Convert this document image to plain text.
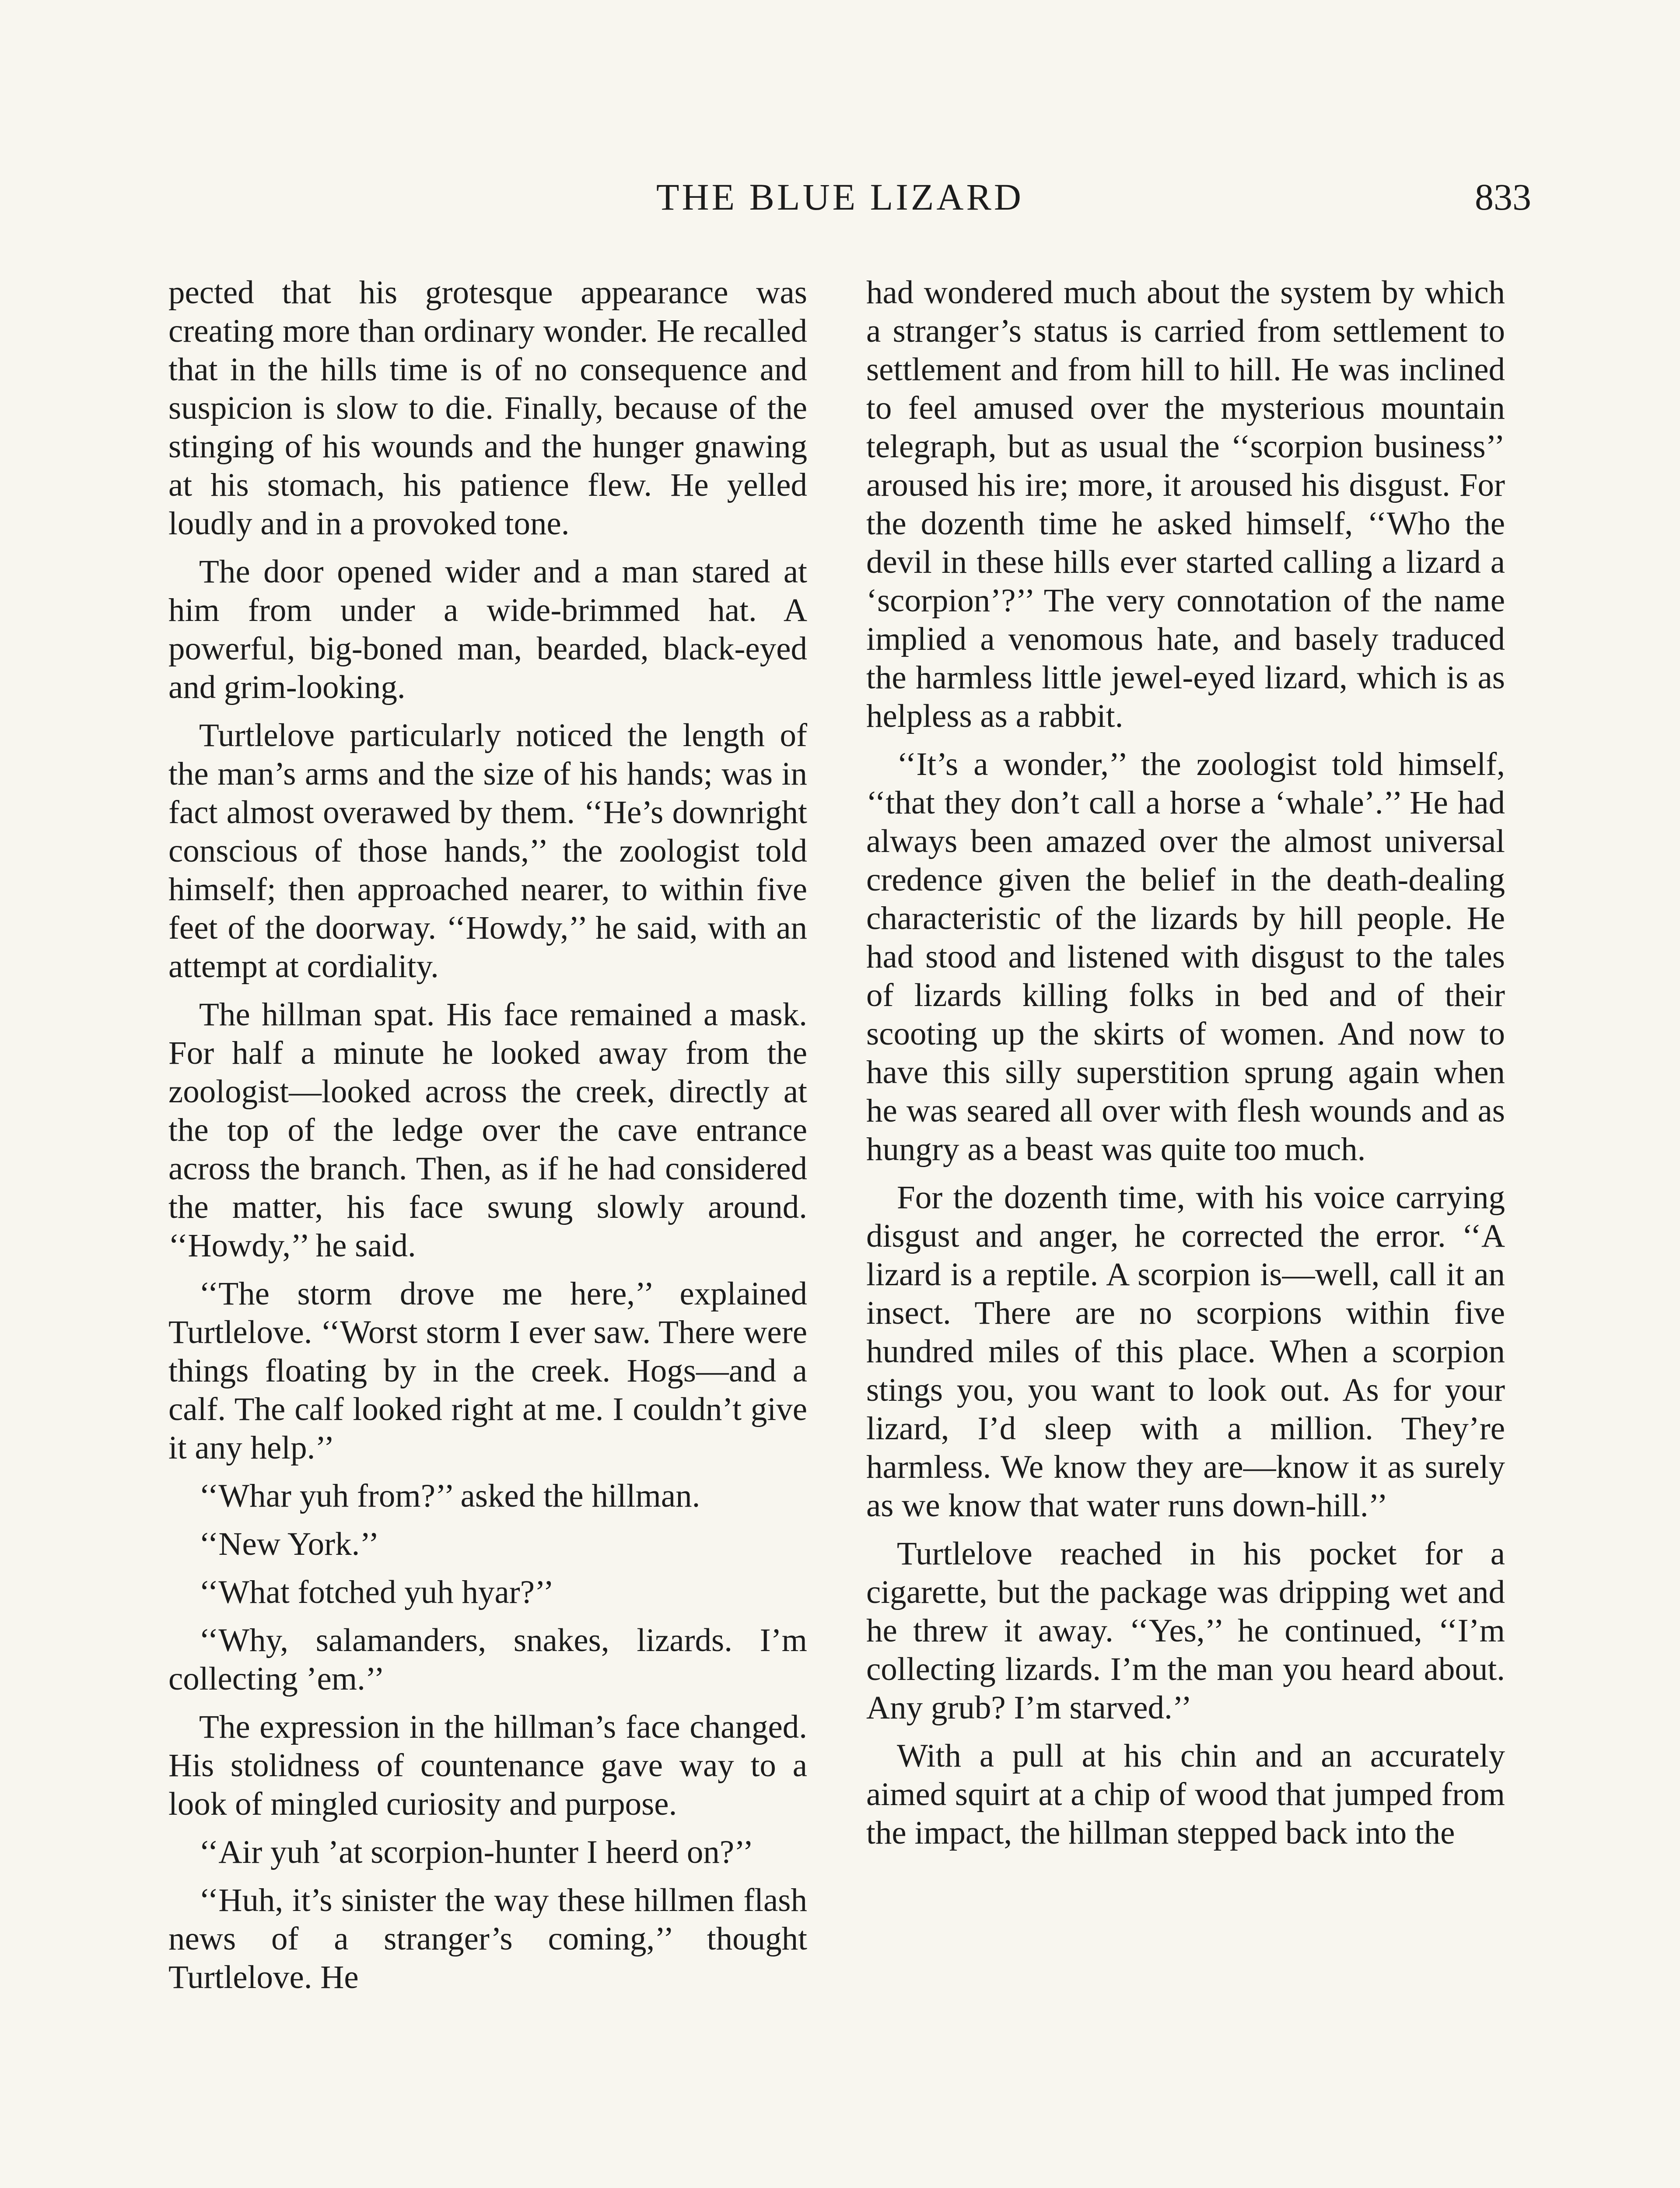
THE BLUE LIZARD	833

pected that his grotesque appearance was creating more than ordinary wonder. He recalled that in the hills time is of no consequence and suspicion is slow to die. Finally, because of the stinging of his wounds and the hunger gnawing at his stomach, his patience flew. He yelled loudly and in a provoked tone.

The door opened wider and a man stared at him from under a wide-brimmed hat. A powerful, big-boned man, bearded, black-eyed and grim-looking.

Turtlelove particularly noticed the length of the man’s arms and the size of his hands; was in fact almost overawed by them. ‘‘He’s downright conscious of those hands,’’ the zoologist told himself; then approached nearer, to within five feet of the doorway. ‘‘Howdy,’’ he said, with an attempt at cordiality.

The hillman spat. His face remained a mask. For half a minute he looked away from the zoologist—looked across the creek, directly at the top of the ledge over the cave entrance across the branch. Then, as if he had considered the matter, his face swung slowly around. ‘‘Howdy,’’ he said.

‘‘The storm drove me here,’’ explained Turtlelove. ‘‘Worst storm I ever saw. There were things floating by in the creek. Hogs—and a calf. The calf looked right at me. I couldn’t give it any help.’’

‘‘Whar yuh from?’’ asked the hillman.

‘‘New York.’’

‘‘What fotched yuh hyar?’’

‘‘Why, salamanders, snakes, lizards. I’m collecting ’em.’’

The expression in the hillman’s face changed. His stolidness of countenance gave way to a look of mingled curiosity and purpose.

‘‘Air yuh ’at scorpion-hunter I heerd on?’’

‘‘Huh, it’s sinister the way these hillmen flash news of a stranger’s coming,’’ thought Turtlelove. He

had wondered much about the system by which a stranger’s status is carried from settlement to settlement and from hill to hill. He was inclined to feel amused over the mysterious mountain telegraph, but as usual the ‘‘scorpion business’’ aroused his ire; more, it aroused his disgust. For the dozenth time he asked himself, ‘‘Who the devil in these hills ever started calling a lizard a ‘scorpion’?’’ The very connotation of the name implied a venomous hate, and basely traduced the harmless little jewel-eyed lizard, which is as helpless as a rabbit.

‘‘It’s a wonder,’’ the zoologist told himself, ‘‘that they don’t call a horse a ‘whale’.’’ He had always been amazed over the almost universal credence given the belief in the death-dealing characteristic of the lizards by hill people. He had stood and listened with disgust to the tales of lizards killing folks in bed and of their scooting up the skirts of women. And now to have this silly superstition sprung again when he was seared all over with flesh wounds and as hungry as a beast was quite too much.

For the dozenth time, with his voice carrying disgust and anger, he corrected the error. ‘‘A lizard is a reptile. A scorpion is—well, call it an insect. There are no scorpions within five hundred miles of this place. When a scorpion stings you, you want to look out. As for your lizard, I’d sleep with a million. They’re harmless. We know they are—know it as surely as we know that water runs down-hill.’’

Turtlelove reached in his pocket for a cigarette, but the package was dripping wet and he threw it away. ‘‘Yes,’’ he continued, ‘‘I’m collecting lizards. I’m the man you heard about. Any grub? I’m starved.’’

With a pull at his chin and an accurately aimed squirt at a chip of wood that jumped from the impact, the hillman stepped back into the
